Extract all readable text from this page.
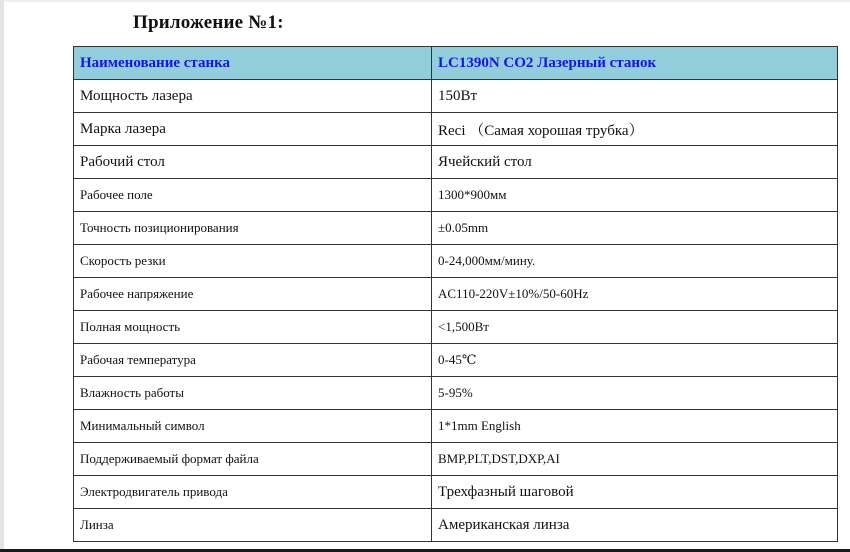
Приложение №1:
Наименование станка	LC1390N CO2 Лазерный станок
Мощность лазера	150Вт
Марка лазера	Reci （Самая хорошая трубка）
Рабочий стол	Ячейский стол
Рабочее поле	1300*900мм
Точность позиционирования	±0.05mm
Скорость резки	0-24,000мм/мину.
Рабочее напряжение	AC110-220V±10%/50-60Hz
Полная мощность	<1,500Вт
Рабочая температура	0-45℃
Влажность работы	5-95%
Минимальный символ	1*1mm English
Поддерживаемый формат файла	BMP,PLT,DST,DXP,AI
Электродвигатель привода	Трехфазный шаговой
Линза	Американская линза
